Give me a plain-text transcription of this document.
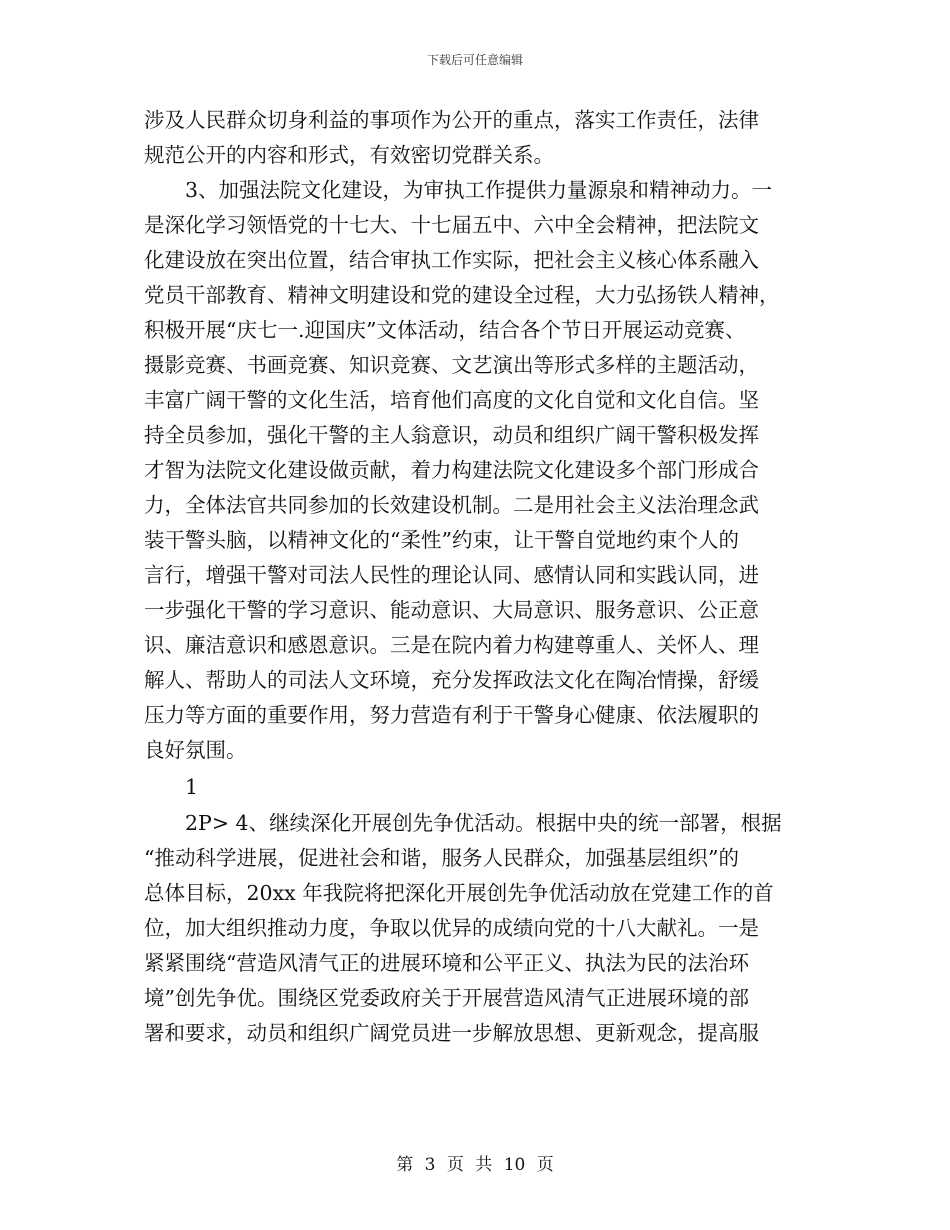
下载后可任意编辑
涉及人民群众切身利益的事项作为公开的重点，落实工作责任，法律
规范公开的内容和形式，有效密切党群关系。
3、加强法院文化建设，为审执工作提供力量源泉和精神动力。一
是深化学习领悟党的十七大、十七届五中、六中全会精神，把法院文
化建设放在突出位置，结合审执工作实际，把社会主义核心体系融入
党员干部教育、精神文明建设和党的建设全过程，大力弘扬铁人精神，
积极开展“庆七一.迎国庆”文体活动，结合各个节日开展运动竞赛、
摄影竞赛、书画竞赛、知识竞赛、文艺演出等形式多样的主题活动，
丰富广阔干警的文化生活，培育他们高度的文化自觉和文化自信。坚
持全员参加，强化干警的主人翁意识，动员和组织广阔干警积极发挥
才智为法院文化建设做贡献，着力构建法院文化建设多个部门形成合
力，全体法官共同参加的长效建设机制。二是用社会主义法治理念武
装干警头脑，以精神文化的“柔性”约束，让干警自觉地约束个人的
言行，增强干警对司法人民性的理论认同、感情认同和实践认同，进
一步强化干警的学习意识、能动意识、大局意识、服务意识、公正意
识、廉洁意识和感恩意识。三是在院内着力构建尊重人、关怀人、理
解人、帮助人的司法人文环境，充分发挥政法文化在陶冶情操，舒缓
压力等方面的重要作用，努力营造有利于干警身心健康、依法履职的
良好氛围。
1
2P> 4、继续深化开展创先争优活动。根据中央的统一部署，根据
“推动科学进展，促进社会和谐，服务人民群众，加强基层组织”的
总体目标，20xx 年我院将把深化开展创先争优活动放在党建工作的首
位，加大组织推动力度，争取以优异的成绩向党的十八大献礼。一是
紧紧围绕“营造风清气正的进展环境和公平正义、执法为民的法治环
境”创先争优。围绕区党委政府关于开展营造风清气正进展环境的部
署和要求，动员和组织广阔党员进一步解放思想、更新观念，提高服
第 3 页 共 10 页
